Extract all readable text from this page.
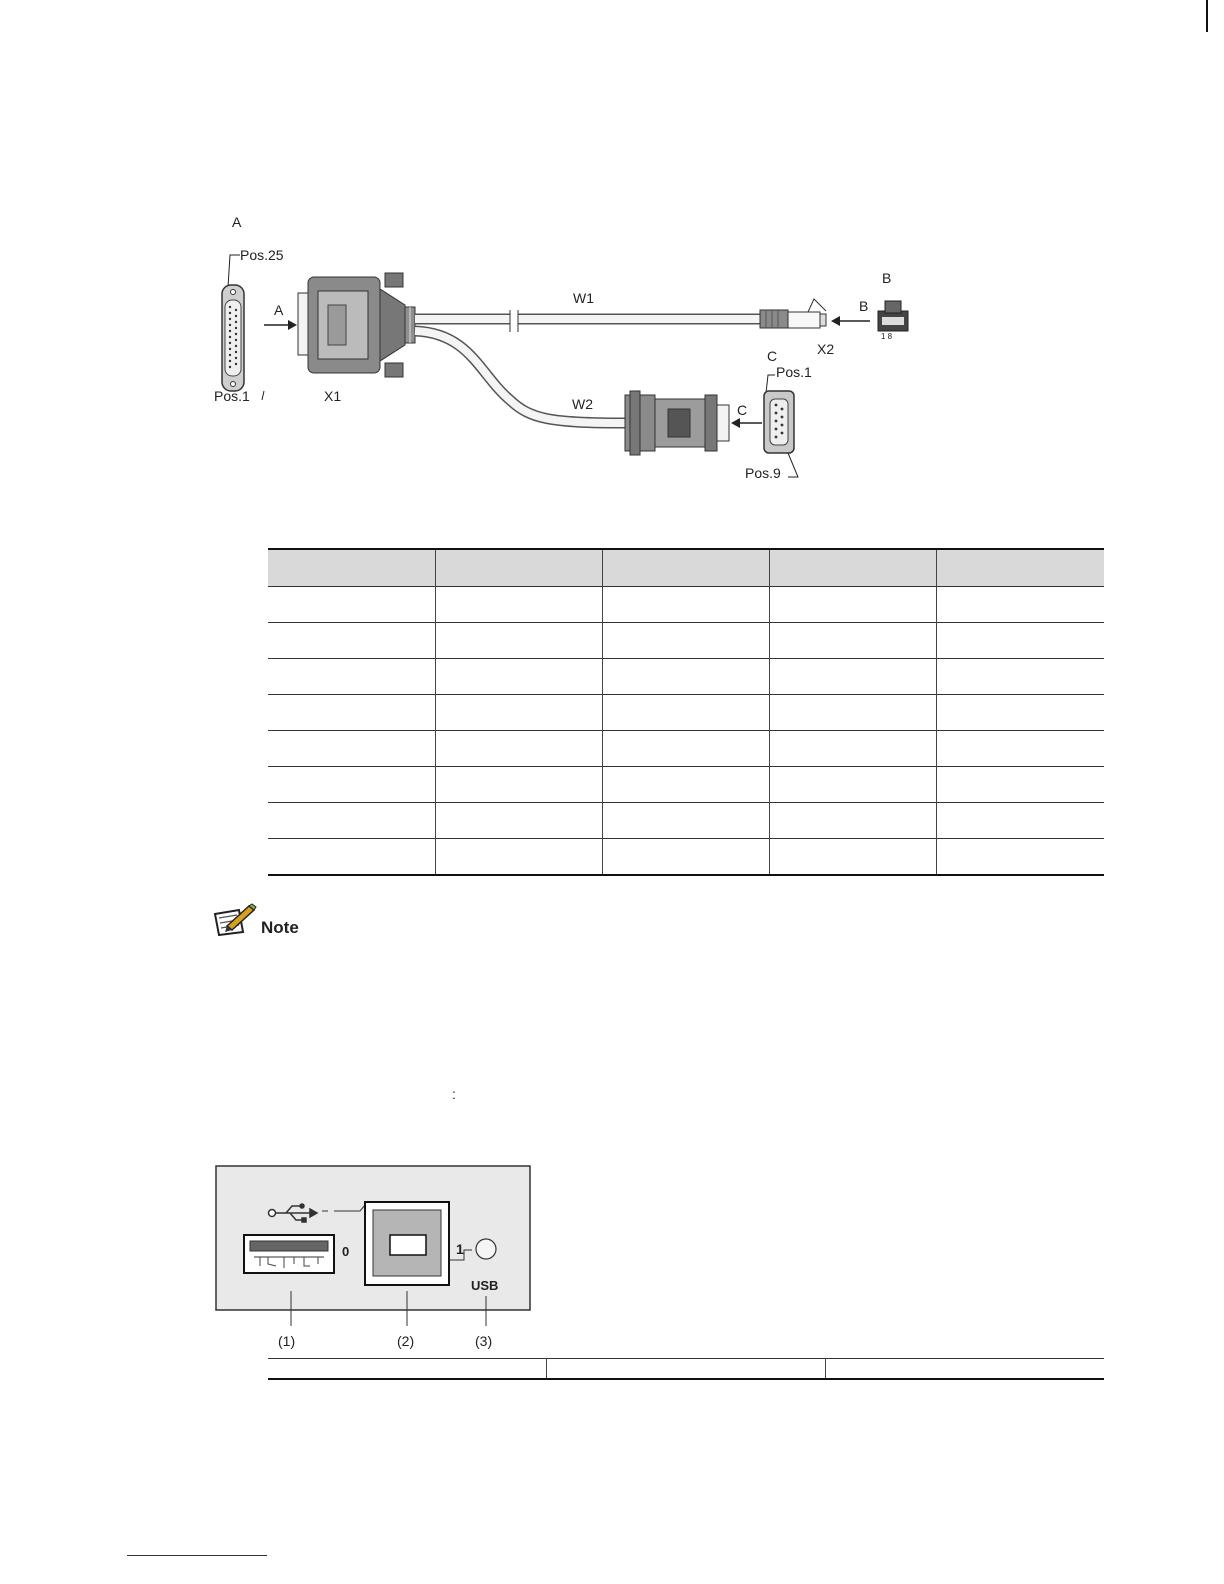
A
Pos.25
Pos.1
A
X1
W1
W2
X2
B
B
1 8
C
C
Pos.1
Pos.9

Note
:
0	1
USB
(1)	(2)	(3)
